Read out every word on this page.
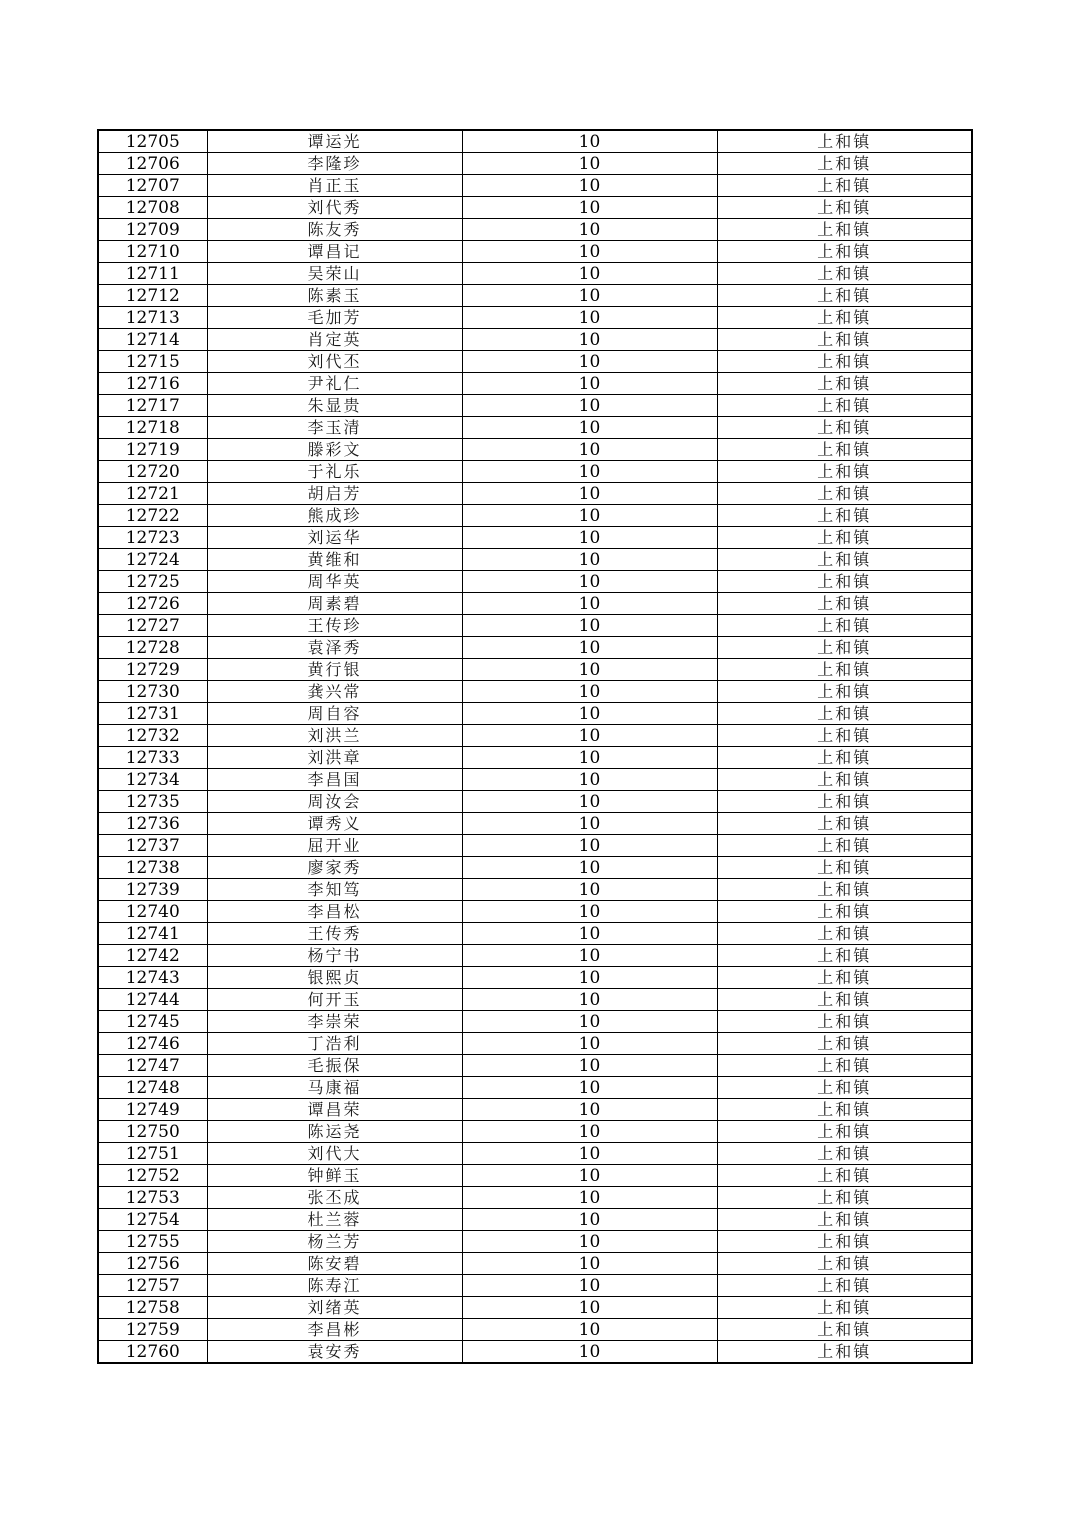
12705	谭运光	10	上和镇
12706	李隆珍	10	上和镇
12707	肖正玉	10	上和镇
12708	刘代秀	10	上和镇
12709	陈友秀	10	上和镇
12710	谭昌记	10	上和镇
12711	吴荣山	10	上和镇
12712	陈素玉	10	上和镇
12713	毛加芳	10	上和镇
12714	肖定英	10	上和镇
12715	刘代丕	10	上和镇
12716	尹礼仁	10	上和镇
12717	朱显贵	10	上和镇
12718	李玉清	10	上和镇
12719	滕彩文	10	上和镇
12720	于礼乐	10	上和镇
12721	胡启芳	10	上和镇
12722	熊成珍	10	上和镇
12723	刘运华	10	上和镇
12724	黄维和	10	上和镇
12725	周华英	10	上和镇
12726	周素碧	10	上和镇
12727	王传珍	10	上和镇
12728	袁泽秀	10	上和镇
12729	黄行银	10	上和镇
12730	龚兴常	10	上和镇
12731	周自容	10	上和镇
12732	刘洪兰	10	上和镇
12733	刘洪章	10	上和镇
12734	李昌国	10	上和镇
12735	周汝会	10	上和镇
12736	谭秀义	10	上和镇
12737	屈开业	10	上和镇
12738	廖家秀	10	上和镇
12739	李知笃	10	上和镇
12740	李昌松	10	上和镇
12741	王传秀	10	上和镇
12742	杨宁书	10	上和镇
12743	银熙贞	10	上和镇
12744	何开玉	10	上和镇
12745	李崇荣	10	上和镇
12746	丁浩利	10	上和镇
12747	毛振保	10	上和镇
12748	马康福	10	上和镇
12749	谭昌荣	10	上和镇
12750	陈运尧	10	上和镇
12751	刘代大	10	上和镇
12752	钟鲜玉	10	上和镇
12753	张丕成	10	上和镇
12754	杜兰蓉	10	上和镇
12755	杨兰芳	10	上和镇
12756	陈安碧	10	上和镇
12757	陈寿江	10	上和镇
12758	刘绪英	10	上和镇
12759	李昌彬	10	上和镇
12760	袁安秀	10	上和镇
